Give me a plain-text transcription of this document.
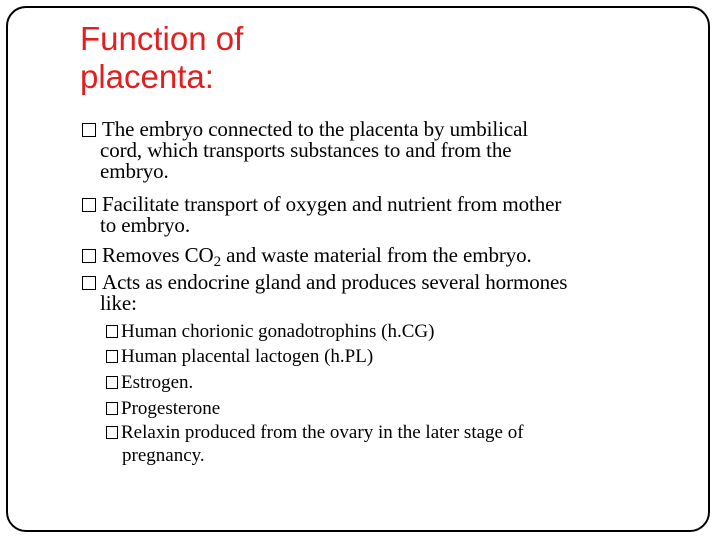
Function of
placenta:
The embryo connected to the placenta by umbilical
cord, which transports substances to and from the
embryo.
Facilitate transport of oxygen and nutrient from mother
to embryo.
Removes $CO_2$ and waste material from the embryo.
Acts as endocrine gland and produces several hormones
like:
Human chorionic gonadotrophins (h.CG)
Human placental lactogen (h.PL)
Estrogen.
Progesterone
Relaxin produced from the ovary in the later stage of
pregnancy.
